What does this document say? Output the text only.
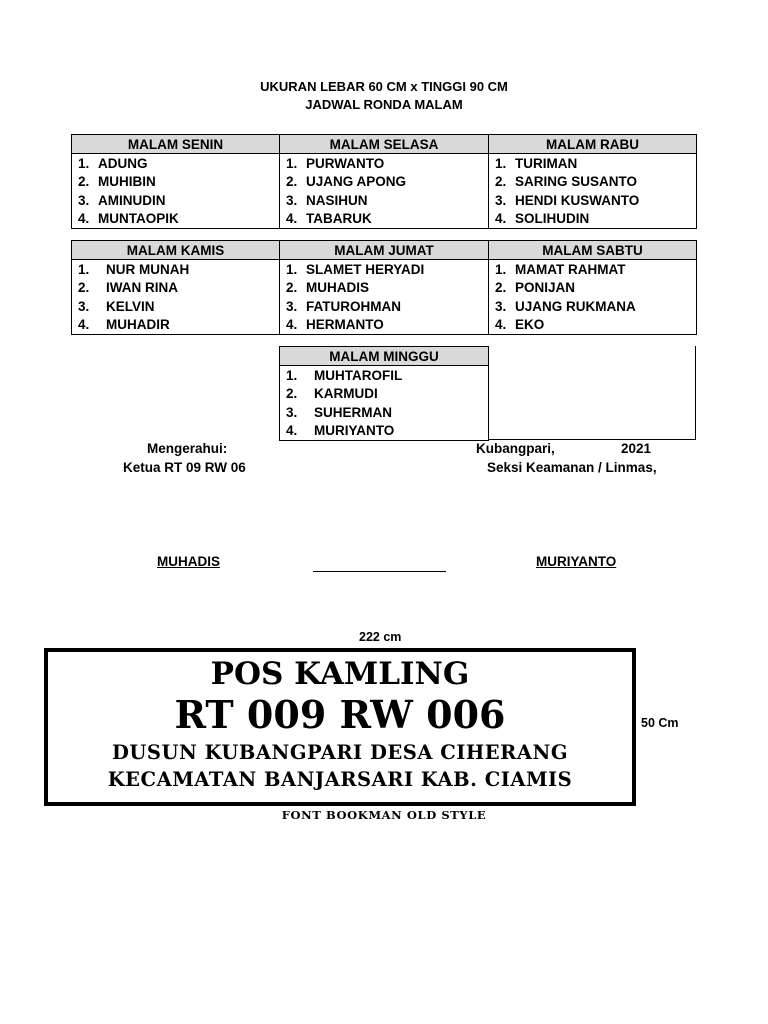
UKURAN LEBAR 60 CM x TINGGI 90 CM
JADWAL RONDA MALAM
MALAM SENIN	MALAM SELASA	MALAM RABU
1. ADUNG	1. PURWANTO	1. TURIMAN
2. MUHIBIN	2. UJANG APONG	2. SARING SUSANTO
3. AMINUDIN	3. NASIHUN	3. HENDI KUSWANTO
4. MUNTAOPIK	4. TABARUK	4. SOLIHUDIN
MALAM KAMIS	MALAM JUMAT	MALAM SABTU
1. NUR MUNAH	1. SLAMET HERYADI	1. MAMAT RAHMAT
2. IWAN RINA	2. MUHADIS	2. PONIJAN
3. KELVIN	3. FATUROHMAN	3. UJANG RUKMANA
4. MUHADIR	4. HERMANTO	4. EKO
MALAM MINGGU
1. MUHTAROFIL
2. KARMUDI
3. SUHERMAN
4. MURIYANTO
Mengerahui:
Ketua RT 09 RW 06
Kubangpari,	2021
Seksi Keamanan / Linmas,
MUHADIS	MURIYANTO
222 cm
50 Cm
POS KAMLING
RT 009 RW 006
DUSUN KUBANGPARI DESA CIHERANG
KECAMATAN BANJARSARI KAB. CIAMIS
FONT BOOKMAN OLD STYLE
